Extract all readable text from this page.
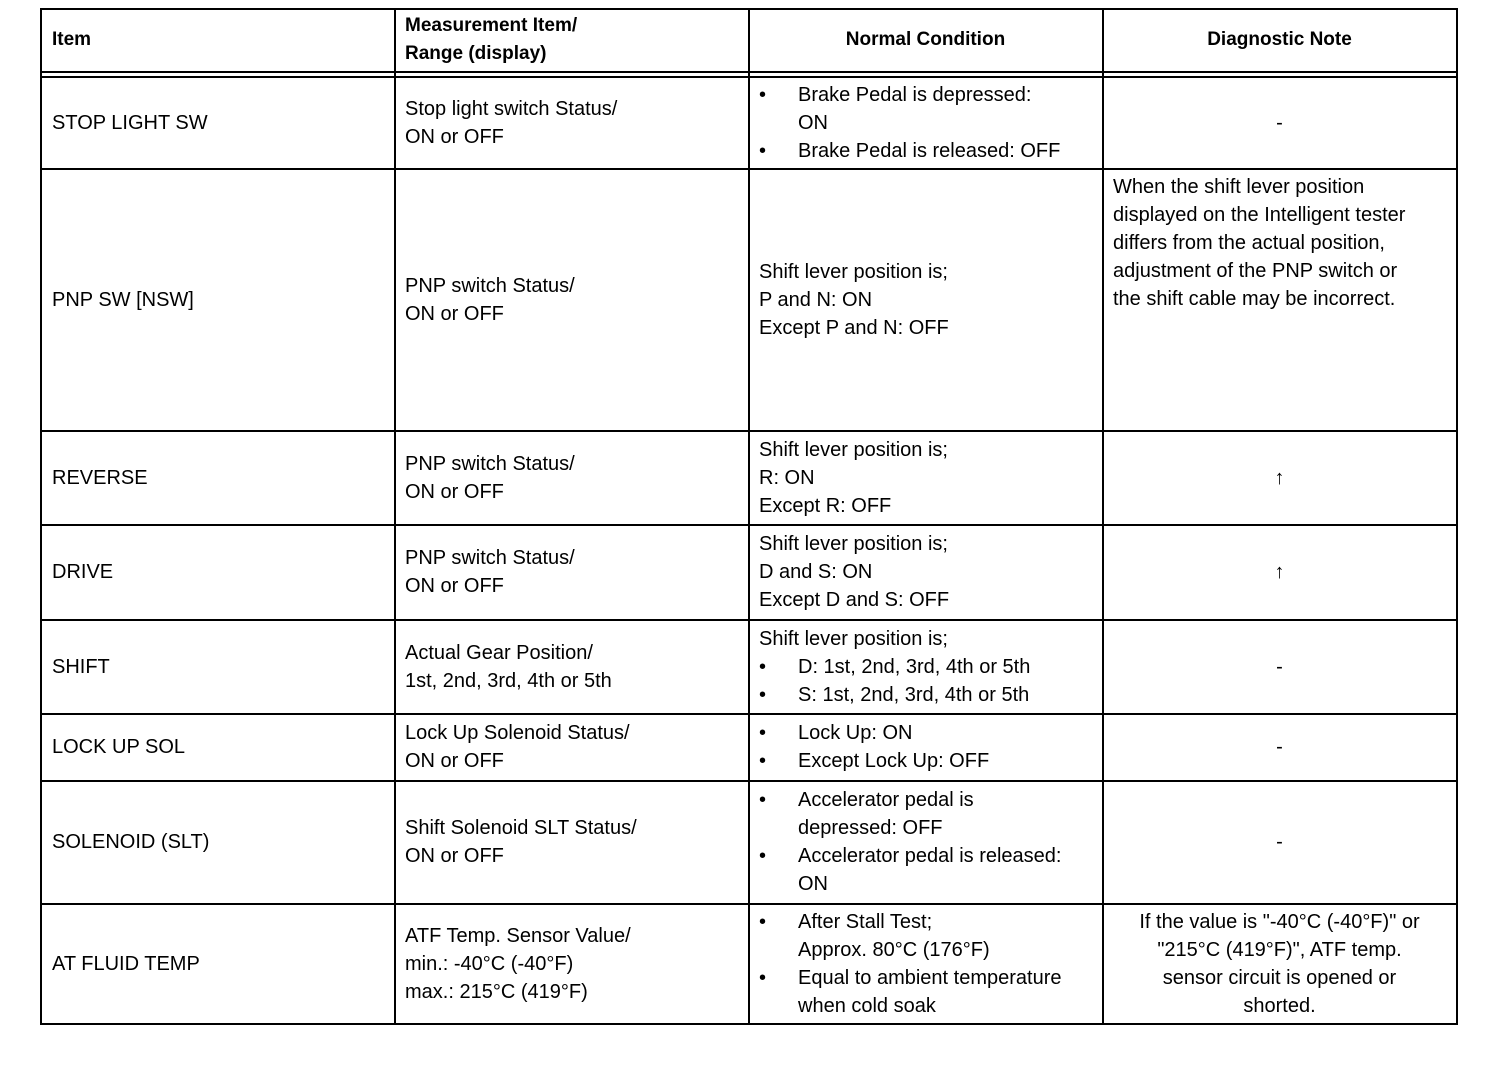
Item
Measurement Item/
Range (display)
Normal Condition	Diagnostic Note
STOP LIGHT SW
Stop light switch Status/
ON or OFF
• Brake Pedal is depressed:
ON
• Brake Pedal is released: OFF
-
PNP SW [NSW]
PNP switch Status/
ON or OFF
Shift lever position is;
P and N: ON
Except P and N: OFF
When the shift lever position
displayed on the Intelligent tester
differs from the actual position,
adjustment of the PNP switch or
the shift cable may be incorrect.
REVERSE
PNP switch Status/
ON or OFF
Shift lever position is;
R: ON
Except R: OFF
↑
DRIVE
PNP switch Status/
ON or OFF
Shift lever position is;
D and S: ON
Except D and S: OFF
↑
SHIFT
Actual Gear Position/
1st, 2nd, 3rd, 4th or 5th
Shift lever position is;
• D: 1st, 2nd, 3rd, 4th or 5th
• S: 1st, 2nd, 3rd, 4th or 5th
-
LOCK UP SOL
Lock Up Solenoid Status/
ON or OFF
• Lock Up: ON
• Except Lock Up: OFF
-
SOLENOID (SLT)
Shift Solenoid SLT Status/
ON or OFF
• Accelerator pedal is
depressed: OFF
• Accelerator pedal is released:
ON
-
AT FLUID TEMP
ATF Temp. Sensor Value/
min.: -40°C (-40°F)
max.: 215°C (419°F)
• After Stall Test;
Approx. 80°C (176°F)
• Equal to ambient temperature
when cold soak
If the value is "-40°C (-40°F)" or
"215°C (419°F)", ATF temp.
sensor circuit is opened or
shorted.
